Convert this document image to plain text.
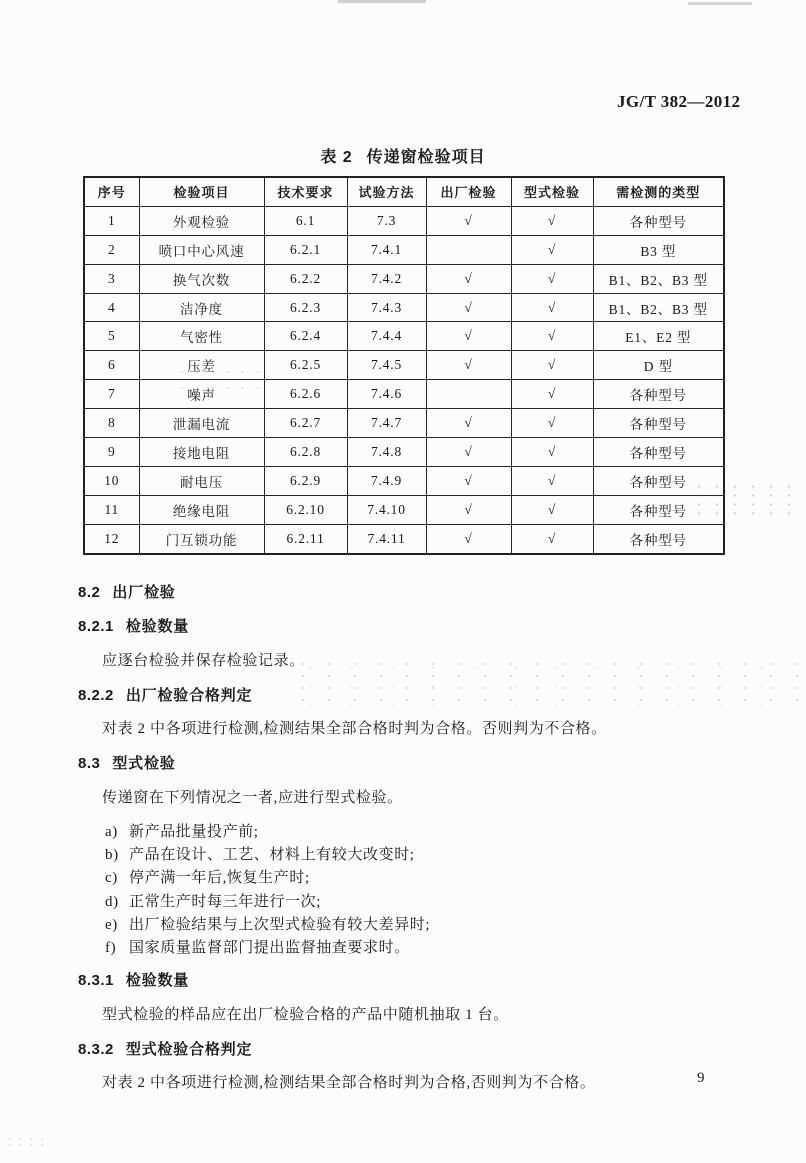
JG/T 382—2012
表 2 传递窗检验项目
序号	检验项目	技术要求	试验方法	出厂检验	型式检验	需检测的类型
1	外观检验	6.1	7.3	√	√	各种型号
2	喷口中心风速	6.2.1	7.4.1		√	B3 型
3	换气次数	6.2.2	7.4.2	√	√	B1、B2、B3 型
4	洁净度	6.2.3	7.4.3	√	√	B1、B2、B3 型
5	气密性	6.2.4	7.4.4	√	√	E1、E2 型
6	压差	6.2.5	7.4.5	√	√	D 型
7	噪声	6.2.6	7.4.6		√	各种型号
8	泄漏电流	6.2.7	7.4.7	√	√	各种型号
9	接地电阻	6.2.8	7.4.8	√	√	各种型号
10	耐电压	6.2.9	7.4.9	√	√	各种型号
11	绝缘电阻	6.2.10	7.4.10	√	√	各种型号
12	门互锁功能	6.2.11	7.4.11	√	√	各种型号
8.2 出厂检验
8.2.1 检验数量
应逐台检验并保存检验记录。
8.2.2 出厂检验合格判定
对表 2 中各项进行检测,检测结果全部合格时判为合格。否则判为不合格。
8.3 型式检验
传递窗在下列情况之一者,应进行型式检验。
a) 新产品批量投产前;
b) 产品在设计、工艺、材料上有较大改变时;
c) 停产满一年后,恢复生产时;
d) 正常生产时每三年进行一次;
e) 出厂检验结果与上次型式检验有较大差异时;
f) 国家质量监督部门提出监督抽查要求时。
8.3.1 检验数量
型式检验的样品应在出厂检验合格的产品中随机抽取 1 台。
8.3.2 型式检验合格判定
对表 2 中各项进行检测,检测结果全部合格时判为合格,否则判为不合格。	9
